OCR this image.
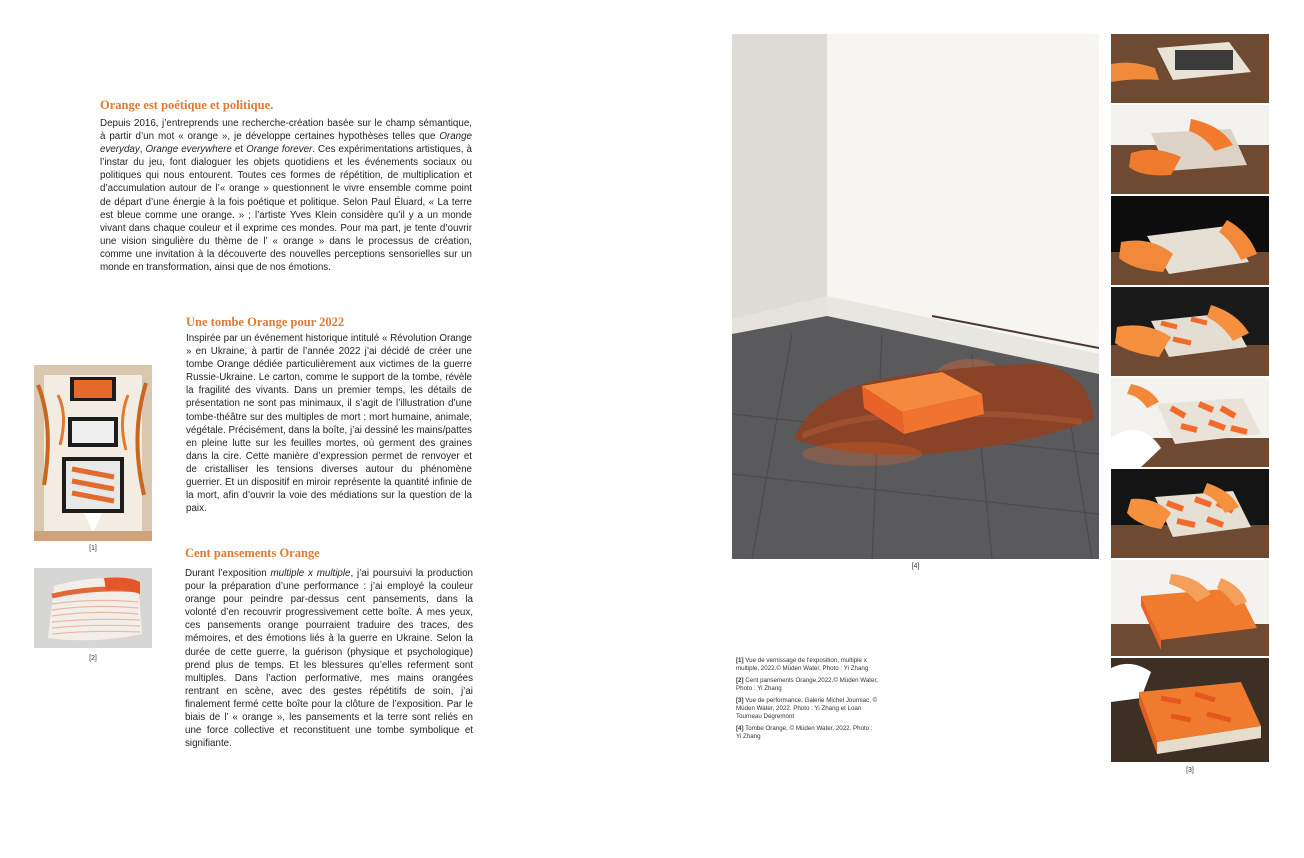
Orange est poétique et politique.

Depuis 2016, j’entreprends une recherche-création basée sur le champ sémantique, à partir d’un mot « orange », je développe certaines hypothèses telles que Orange everyday, Orange everywhere et Orange forever. Ces expérimentations artistiques, à l’instar du jeu, font dialoguer les objets quotidiens et les événements sociaux ou politiques qui nous entourent. Toutes ces formes de répétition, de multiplication et d’accumulation autour de l’« orange » questionnent le vivre ensemble comme point de départ d’une énergie à la fois poétique et politique. Selon Paul Éluard, « La terre est bleue comme une orange. » ; l’artiste Yves Klein considère qu’il y a un monde vivant dans chaque couleur et il exprime ces mondes. Pour ma part, je tente d’ouvrir une vision singulière du thème de l’ « orange » dans le processus de création, comme une invitation à la découverte des nouvelles perceptions sensorielles sur un monde en transformation, ainsi que de nos émotions.

Une tombe Orange pour 2022

Inspirée par un événement historique intitulé « Révolution Orange » en Ukraine, à partir de l’année 2022 j’ai décidé de créer une tombe Orange dédiée particulièrement aux victimes de la guerre Russie-Ukraine. Le carton, comme le support de la tombe, révèle la fragilité des vivants. Dans un premier temps, les détails de présentation ne sont pas minimaux, il s’agit de l’illustration d’une tombe-théâtre sur des multiples de mort : mort humaine, animale, végétale. Précisément, dans la boîte, j’ai dessiné les mains/pattes en pleine lutte sur les feuilles mortes, où germent des graines dans la cire. Cette manière d’expression permet de renvoyer et de cristalliser les tensions diverses autour du phénomène guerrier. Et un dispositif en miroir représente la quantité infinie de la mort, afin d’ouvrir la voie des médiations sur la question de la paix.

[1]	Cent pansements Orange

Durant l’exposition multiple x multiple, j’ai poursuivi la production pour la préparation d’une performance : j’ai employé la couleur orange pour peindre par-dessus cent pansements, dans la volonté d’en recouvrir progressivement cette boîte. À mes yeux, ces pansements orange pourraient traduire des traces, des mémoires, et des émotions liés à la guerre en Ukraine. Selon la durée de cette guerre, la guérison (physique et psychologique) prend plus de temps. Et les blessures qu’elles referment sont multiples. Dans l’action performative, mes mains orangées rentrant en scène, avec des gestes répétitifs de soin, j’ai finalement fermé cette boîte pour la clôture de l’exposition. Par le biais de l’ « orange », les pansements et la terre sont reliés en une force collective et reconstituent une tombe symbolique et signifiante.

[2]
[4]
[3]

[1] Vue de vernissage de l’exposition, multiple x multiple, 2022.© Müden Water, Photo : Yi Zhang

[2] Cent pansements Orange,2022.© Müden Water, Photo : Yi Zhang

[3] Vue de performance, Galerie Michel Journiac, © Müden Water, 2022. Photo : Yi Zhang et Loan Tourneau Dégremont

[4] Tombe Orange, © Müden Water, 2022. Photo : Yi Zhang
